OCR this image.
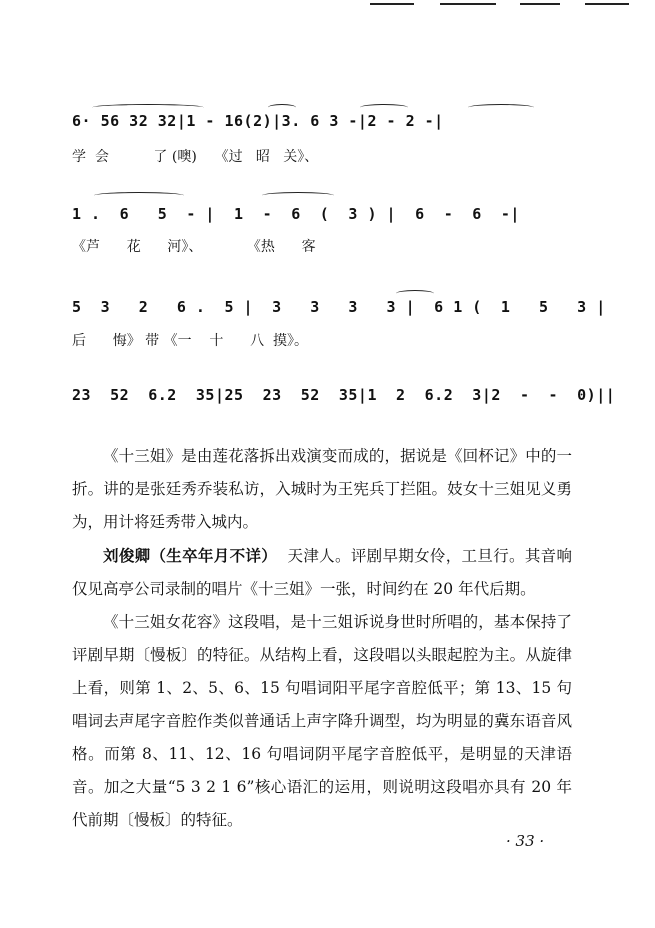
6· 56 32 32|1 - 16(2)|3. 6 3 -|2 - 2 -|
学  会          了 (噢)    《过   昭   关》、
1 .  6   5  - |  1  -  6  (  3 ) |  6  -  6  -|
《芦      花      河》、          《热      客
5  3   2   6 .  5 |  3   3   3   3 |  6 1 (  1   5   3 |
后      悔》 带 《一    十      八  摸》。
23  52  6.2  35|25  23  52  35|1  2  6.2  3|2  -  -  0)||

《十三姐》是由莲花落拆出戏演变而成的，据说是《回杯记》中的一折。讲的是张廷秀乔装私访，入城时为王宪兵丁拦阻。妓女十三姐见义勇为，用计将廷秀带入城内。

刘俊卿（生卒年月不详） 天津人。评剧早期女伶，工旦行。其音响仅见高亭公司录制的唱片《十三姐》一张，时间约在 20 年代后期。

《十三姐女花容》这段唱，是十三姐诉说身世时所唱的，基本保持了评剧早期〔慢板〕的特征。从结构上看，这段唱以头眼起腔为主。从旋律上看，则第 1、2、5、6、15 句唱词阳平尾字音腔低平；第 13、15 句唱词去声尾字音腔作类似普通话上声字降升调型，均为明显的冀东语音风格。而第 8、11、12、16 句唱词阴平尾字音腔低平，是明显的天津语音。加之大量“5 3 2 1 6”核心语汇的运用，则说明这段唱亦具有 20 年代前期〔慢板〕的特征。

· 33 ·
